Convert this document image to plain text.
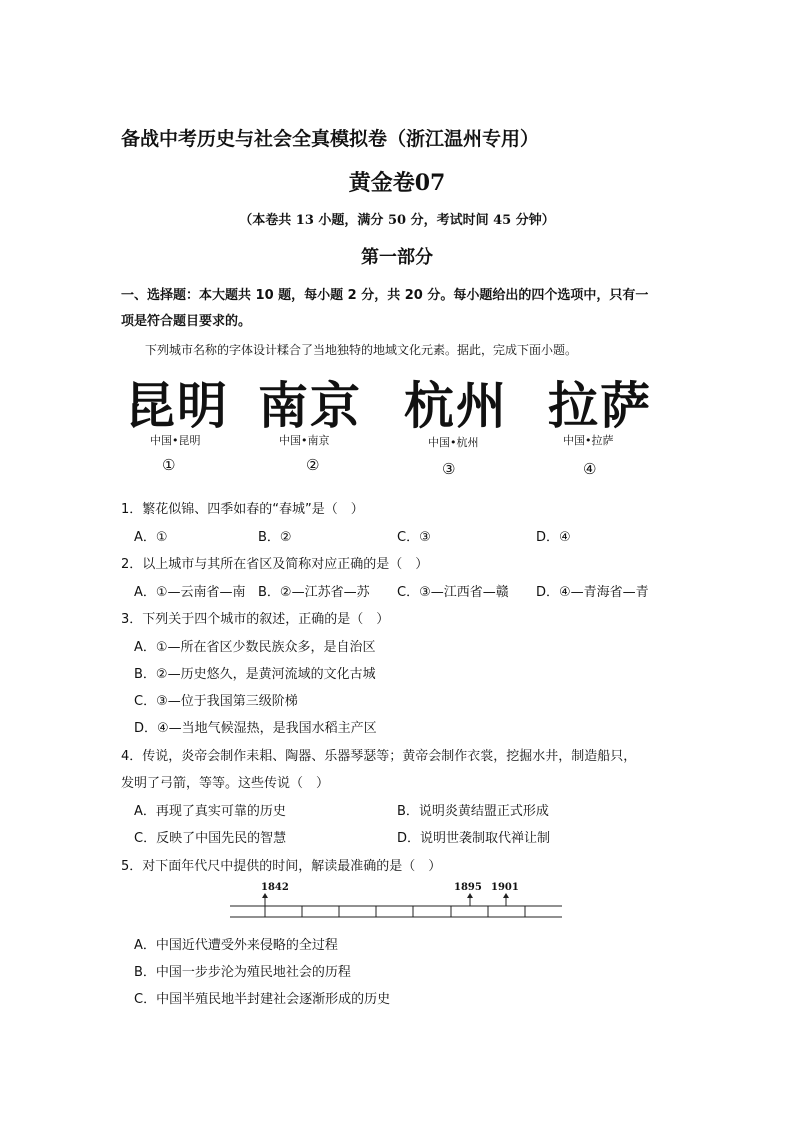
备战中考历史与社会全真模拟卷（浙江温州专用）
黄金卷07
（本卷共 13 小题，满分 50 分，考试时间 45 分钟）
第一部分
一、选择题：本大题共 10 题，每小题 2 分，共 20 分。每小题给出的四个选项中，只有一
项是符合题目要求的。
下列城市名称的字体设计糅合了当地独特的地域文化元素。据此，完成下面小题。
昆明
中国•昆明
①
南京
中国•南京
②
杭州
中国•杭州
③
拉萨
中国•拉萨
④
1．繁花似锦、四季如春的“春城”是（　）
A．①	B．②	C．③	D．④
2．以上城市与其所在省区及简称对应正确的是（　）
A．①—云南省—南 B．②—江苏省—苏 C．③—江西省—赣 D．④—青海省—青
3．下列关于四个城市的叙述，正确的是（　）
A．①—所在省区少数民族众多，是自治区
B．②—历史悠久，是黄河流域的文化古城
C．③—位于我国第三级阶梯
D．④—当地气候湿热，是我国水稻主产区
4．传说，炎帝会制作耒耜、陶器、乐器琴瑟等；黄帝会制作衣裳，挖掘水井，制造船只，
发明了弓箭，等等。这些传说（　）
A．再现了真实可靠的历史	B．说明炎黄结盟正式形成
C．反映了中国先民的智慧	D．说明世袭制取代禅让制
5．对下面年代尺中提供的时间，解读最准确的是（　）
1842	1895 1901
A．中国近代遭受外来侵略的全过程
B．中国一步步沦为殖民地社会的历程
C．中国半殖民地半封建社会逐渐形成的历史
